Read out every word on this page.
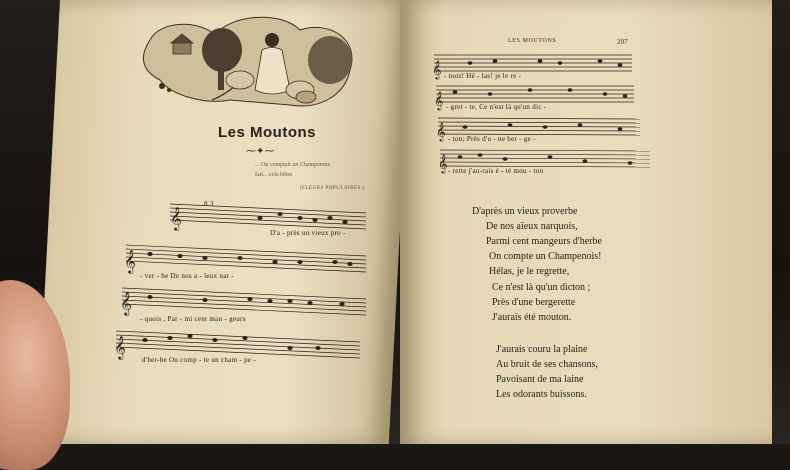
𝄞
𝄞
𝄞
𝄞
𝄞
𝄞
𝄞
𝄞
Les Moutons
⁓✦⁓
... On comptait un Champenois
fait... cela bêtes
(FLEURS POPULAIRES.)
8 3
D'a - près un vieux pro -
- ver - be De nos a - ïeux nar -
- quois , Par - mi cent man - geurs
d'her-be On comp - te un cham - pe -
LES MOUTONS	207
- nois! Hé - las! je le re -
- gret - te, Ce n'est là qu'un dic -
- ton; Près d'u - ne ber - ge -
- rette j'au-rais é - té mou - ton
D'après un vieux proverbe
De nos aïeux narquois,
Parmi cent mangeurs d'herbe
On compte un Champenois!
Hélas, je le regrette,
Ce n'est là qu'un dicton ;
Près d'une bergerette
J'aurais été mouton.
J'aurais couru la plaine
Au bruit de ses chansons,
Pavoisant de ma laine
Les odorants buissons.
